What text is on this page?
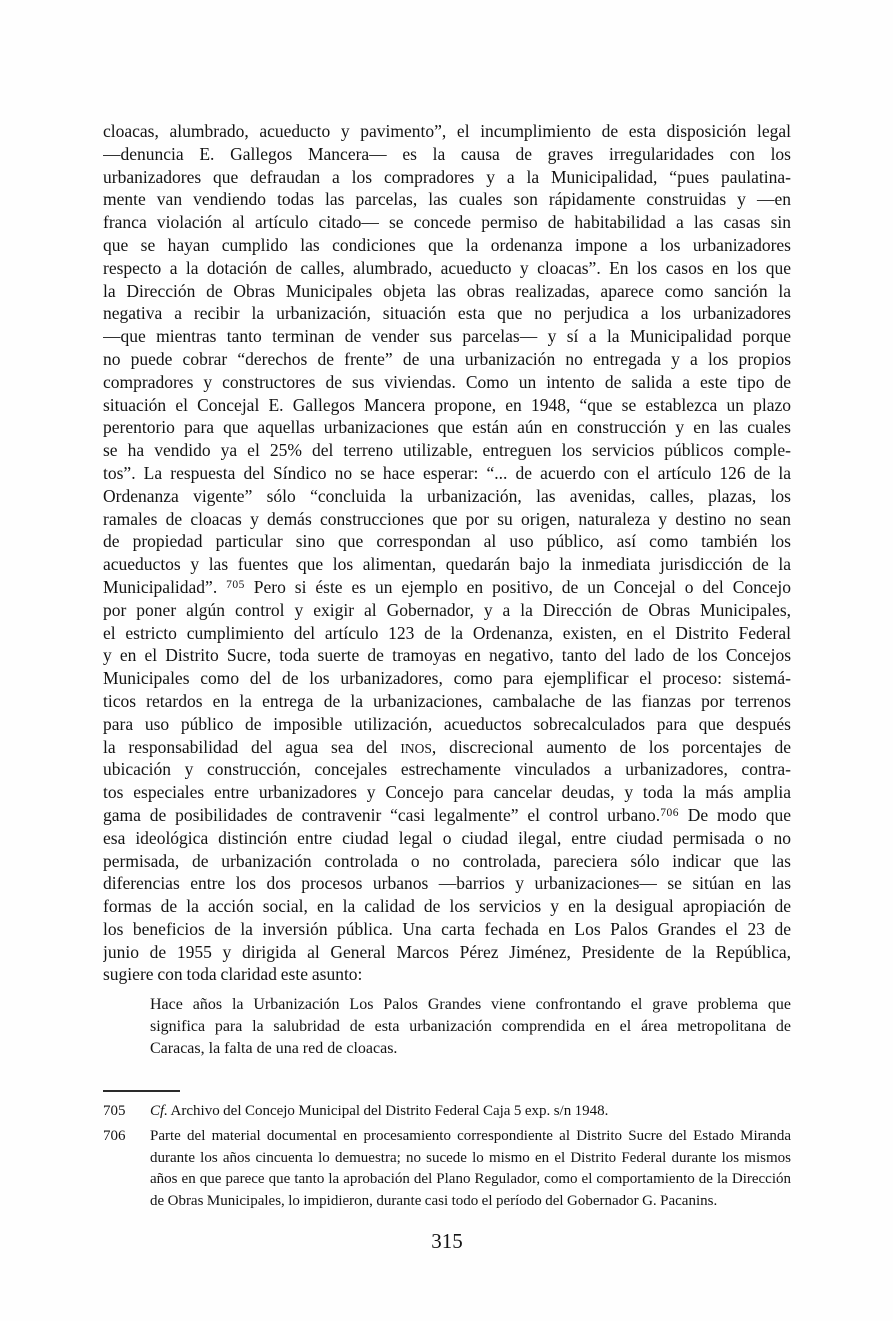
cloacas, alumbrado, acueducto y pavimento”, el incumplimiento de esta disposición legal
—denuncia E. Gallegos Mancera— es la causa de graves irregularidades con los
urbanizadores que defraudan a los compradores y a la Municipalidad, “pues paulatina-
mente van vendiendo todas las parcelas, las cuales son rápidamente construidas y —en
franca violación al artículo citado— se concede permiso de habitabilidad a las casas sin
que se hayan cumplido las condiciones que la ordenanza impone a los urbanizadores
respecto a la dotación de calles, alumbrado, acueducto y cloacas”. En los casos en los que
la Dirección de Obras Municipales objeta las obras realizadas, aparece como sanción la
negativa a recibir la urbanización, situación esta que no perjudica a los urbanizadores
—que mientras tanto terminan de vender sus parcelas— y sí a la Municipalidad porque
no puede cobrar “derechos de frente” de una urbanización no entregada y a los propios
compradores y constructores de sus viviendas. Como un intento de salida a este tipo de
situación el Concejal E. Gallegos Mancera propone, en 1948, “que se establezca un plazo
perentorio para que aquellas urbanizaciones que están aún en construcción y en las cuales
se ha vendido ya el 25% del terreno utilizable, entreguen los servicios públicos comple-
tos”. La respuesta del Síndico no se hace esperar: “... de acuerdo con el artículo 126 de la
Ordenanza vigente” sólo “concluida la urbanización, las avenidas, calles, plazas, los
ramales de cloacas y demás construcciones que por su origen, naturaleza y destino no sean
de propiedad particular sino que correspondan al uso público, así como también los
acueductos y las fuentes que los alimentan, quedarán bajo la inmediata jurisdicción de la
Municipalidad”. $^{705}$ Pero si éste es un ejemplo en positivo, de un Concejal o del Concejo
por poner algún control y exigir al Gobernador, y a la Dirección de Obras Municipales,
el estricto cumplimiento del artículo 123 de la Ordenanza, existen, en el Distrito Federal
y en el Distrito Sucre, toda suerte de tramoyas en negativo, tanto del lado de los Concejos
Municipales como del de los urbanizadores, como para ejemplificar el proceso: sistemá-
ticos retardos en la entrega de la urbanizaciones, cambalache de las fianzas por terrenos
para uso público de imposible utilización, acueductos sobrecalculados para que después
la responsabilidad del agua sea del INOS, discrecional aumento de los porcentajes de
ubicación y construcción, concejales estrechamente vinculados a urbanizadores, contra-
tos especiales entre urbanizadores y Concejo para cancelar deudas, y toda la más amplia
gama de posibilidades de contravenir “casi legalmente” el control urbano.$^{706}$ De modo que
esa ideológica distinción entre ciudad legal o ciudad ilegal, entre ciudad permisada o no
permisada, de urbanización controlada o no controlada, pareciera sólo indicar que las
diferencias entre los dos procesos urbanos —barrios y urbanizaciones— se sitúan en las
formas de la acción social, en la calidad de los servicios y en la desigual apropiación de
los beneficios de la inversión pública. Una carta fechada en Los Palos Grandes el 23 de
junio de 1955 y dirigida al General Marcos Pérez Jiménez, Presidente de la República,
sugiere con toda claridad este asunto:
Hace años la Urbanización Los Palos Grandes viene confrontando el grave problema que
significa para la salubridad de esta urbanización comprendida en el área metropolitana de
Caracas, la falta de una red de cloacas.
705	Cf. Archivo del Concejo Municipal del Distrito Federal Caja 5 exp. s/n 1948.
706	Parte del material documental en procesamiento correspondiente al Distrito Sucre del Estado Miranda durante los años cincuenta lo demuestra; no sucede lo mismo en el Distrito Federal durante los mismos años en que parece que tanto la aprobación del Plano Regulador, como el comportamiento de la Dirección de Obras Municipales, lo impidieron, durante casi todo el período del Gobernador G. Pacanins.
315
